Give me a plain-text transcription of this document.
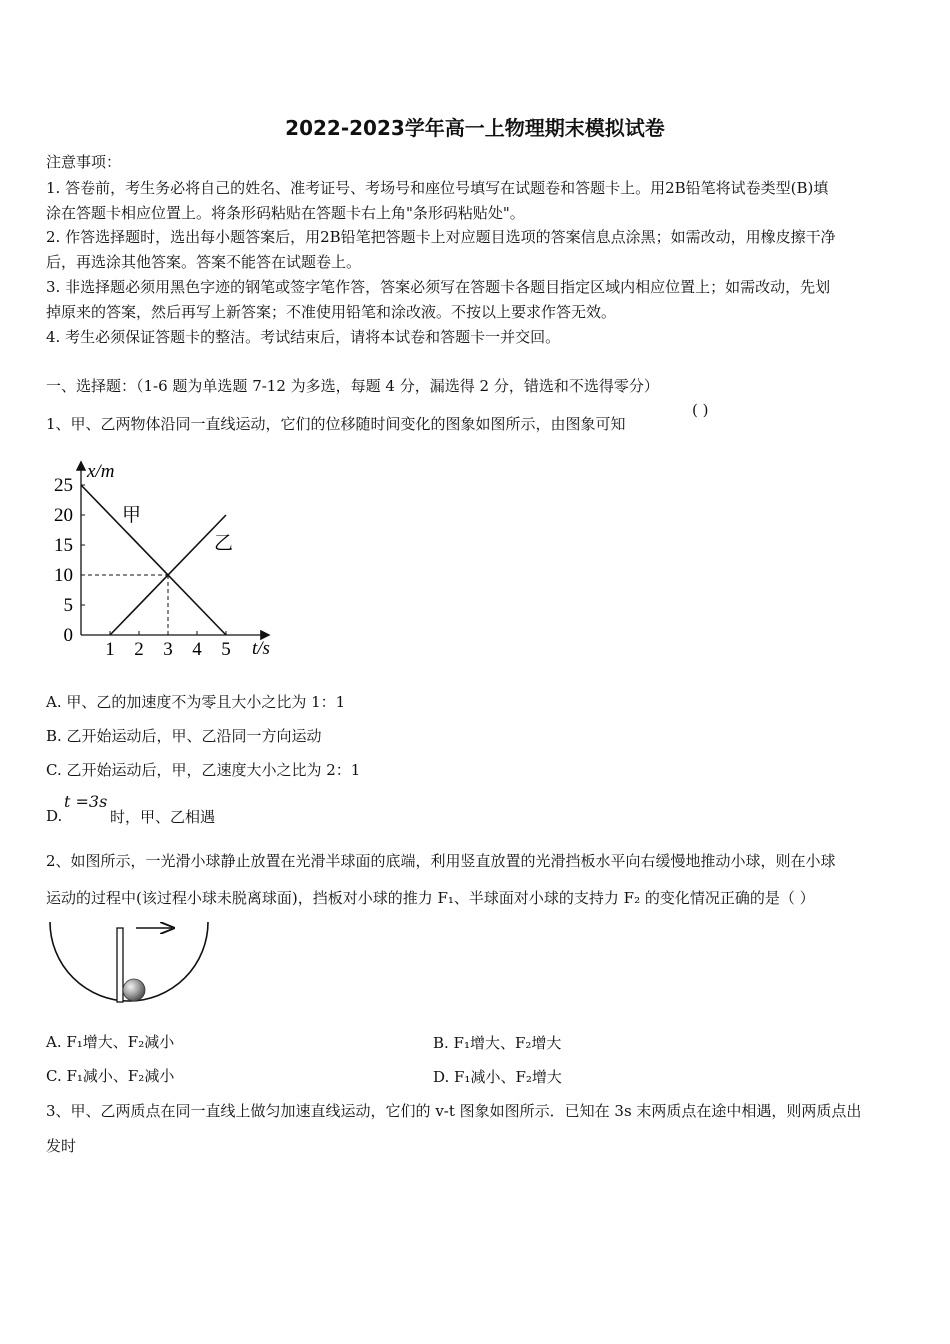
2022-2023学年高一上物理期末模拟试卷
注意事项：
1. 答卷前，考生务必将自己的姓名、准考证号、考场号和座位号填写在试题卷和答题卡上。用2B铅笔将试卷类型(B)填
涂在答题卡相应位置上。将条形码粘贴在答题卡右上角"条形码粘贴处"。
2. 作答选择题时，选出每小题答案后，用2B铅笔把答题卡上对应题目选项的答案信息点涂黑；如需改动，用橡皮擦干净
后，再选涂其他答案。答案不能答在试题卷上。
3. 非选择题必须用黑色字迹的钢笔或签字笔作答，答案必须写在答题卡各题目指定区域内相应位置上；如需改动，先划
掉原来的答案，然后再写上新答案；不准使用铅笔和涂改液。不按以上要求作答无效。
4. 考生必须保证答题卡的整洁。考试结束后，请将本试卷和答题卡一并交回。
一、选择题：（1-6 题为单选题 7-12 为多选，每题 4 分，漏选得 2 分，错选和不选得零分）
1、甲、乙两物体沿同一直线运动，它们的位移随时间变化的图象如图所示，由图象可知
( )
0
5
10
15
20
25
1 2 3 4 5
x/m
t/s
甲
乙
A. 甲、乙的加速度不为零且大小之比为 1：1
B. 乙开始运动后，甲、乙沿同一方向运动
C. 乙开始运动后，甲，乙速度大小之比为 2：1
D.
t =3s
时，甲、乙相遇
2、如图所示，一光滑小球静止放置在光滑半球面的底端，利用竖直放置的光滑挡板水平向右缓慢地推动小球，则在小球
运动的过程中(该过程小球未脱离球面)，挡板对小球的推力 F₁、半球面对小球的支持力 F₂ 的变化情况正确的是（ ）
A. F₁增大、F₂减小	B. F₁增大、F₂增大
C. F₁减小、F₂减小	D. F₁减小、F₂增大
3、甲、乙两质点在同一直线上做匀加速直线运动，它们的 v-t 图象如图所示．已知在 3s 末两质点在途中相遇，则两质点出
发时
